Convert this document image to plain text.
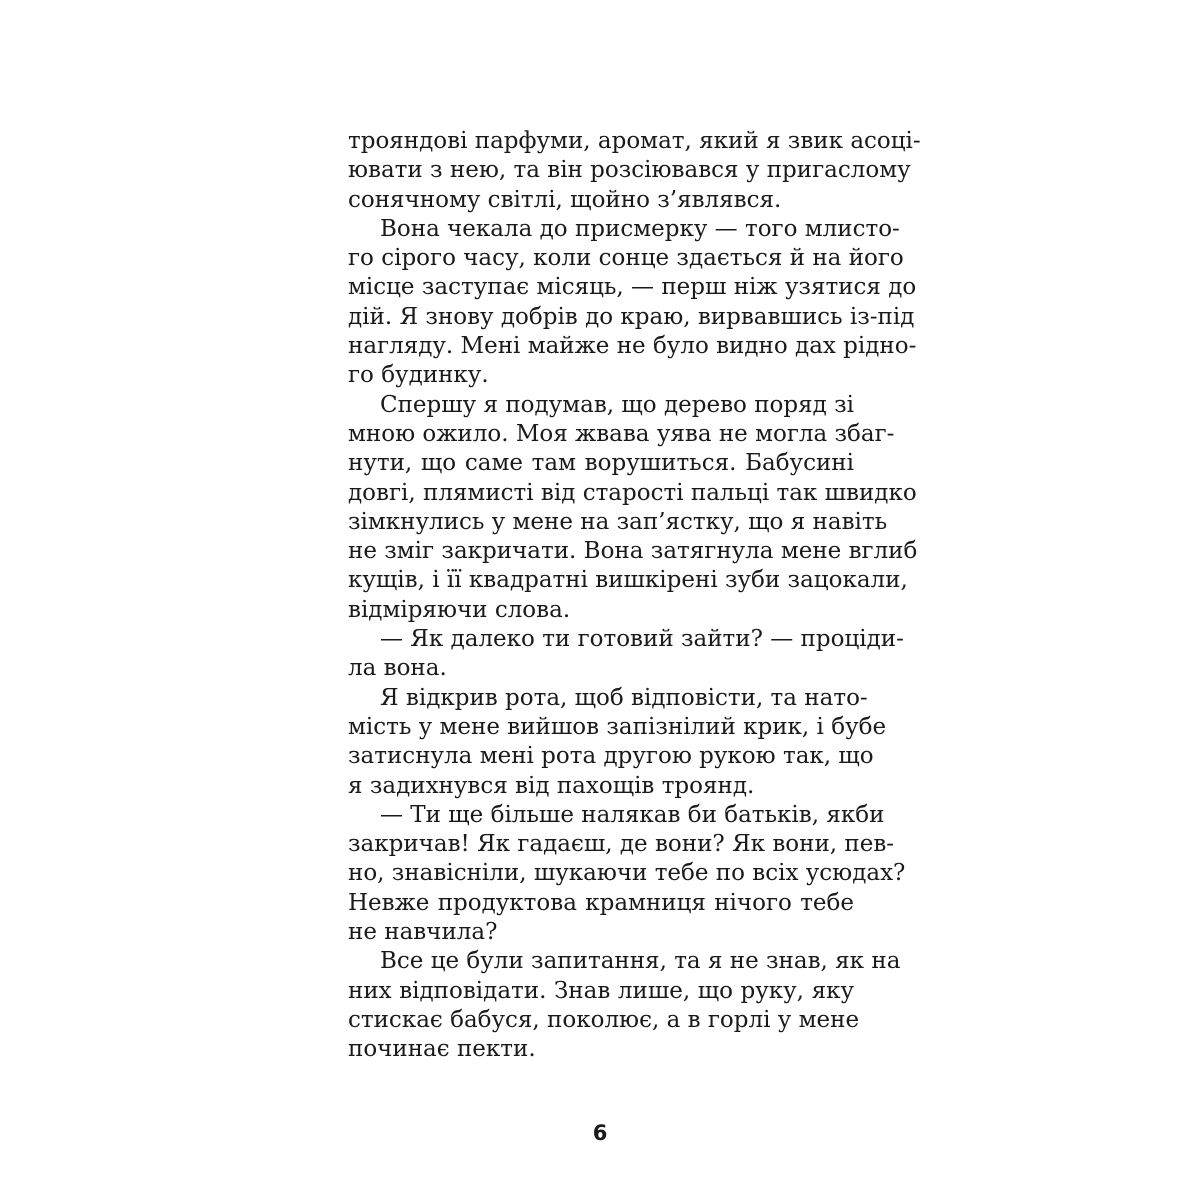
трояндові парфуми, аромат, який я звик асоці-
ювати з нею, та він розсіювався у пригаслому
сонячному світлі, щойно з’являвся.
Вона чекала до присмерку — того млисто-
го сірого часу, коли сонце здається й на його
місце заступає місяць, — перш ніж узятися до
дій. Я знову добрів до краю, вирвавшись із-під
нагляду. Мені майже не було видно дах рідно-
го будинку.
Спершу я подумав, що дерево поряд зі
мною ожило. Моя жвава уява не могла збаг-
нути, що саме там ворушиться. Бабусині
довгі, плямисті від старості пальці так швидко
зімкнулись у мене на зап’ястку, що я навіть
не зміг закричати. Вона затягнула мене вглиб
кущів, і її квадратні вишкірені зуби зацокали,
відміряючи слова.
— Як далеко ти готовий зайти? — проціди-
ла вона.
Я відкрив рота, щоб відповісти, та нато-
мість у мене вийшов запізнілий крик, і бубе
затиснула мені рота другою рукою так, що
я задихнувся від пахощів троянд.
— Ти ще більше налякав би батьків, якби
закричав! Як гадаєш, де вони? Як вони, пев-
но, знавісніли, шукаючи тебе по всіх усюдах?
Невже продуктова крамниця нічого тебе
не навчила?
Все це були запитання, та я не знав, як на
них відповідати. Знав лише, що руку, яку
стискає бабуся, поколює, а в горлі у мене
починає пекти.
6
